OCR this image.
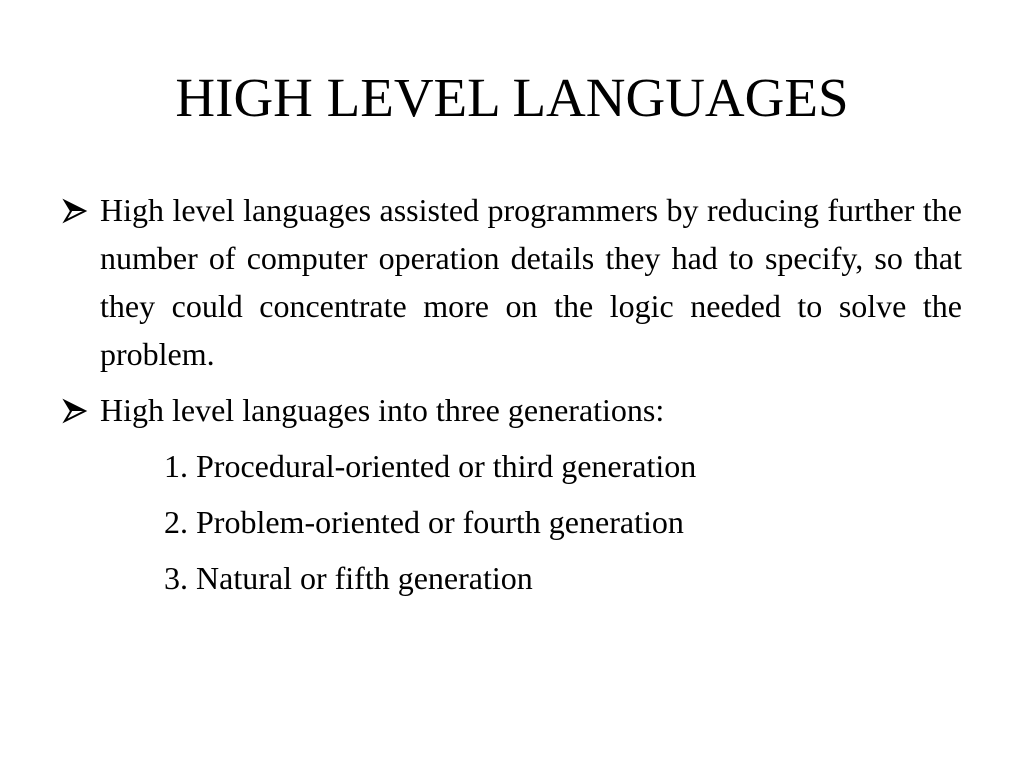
HIGH LEVEL LANGUAGES
High level languages assisted programmers by reducing further the number of computer operation details they had to specify, so that they could concentrate more on the logic needed to solve the problem.
High level languages into three generations:
1. Procedural-oriented or third generation
2. Problem-oriented or fourth generation
3. Natural or fifth generation
